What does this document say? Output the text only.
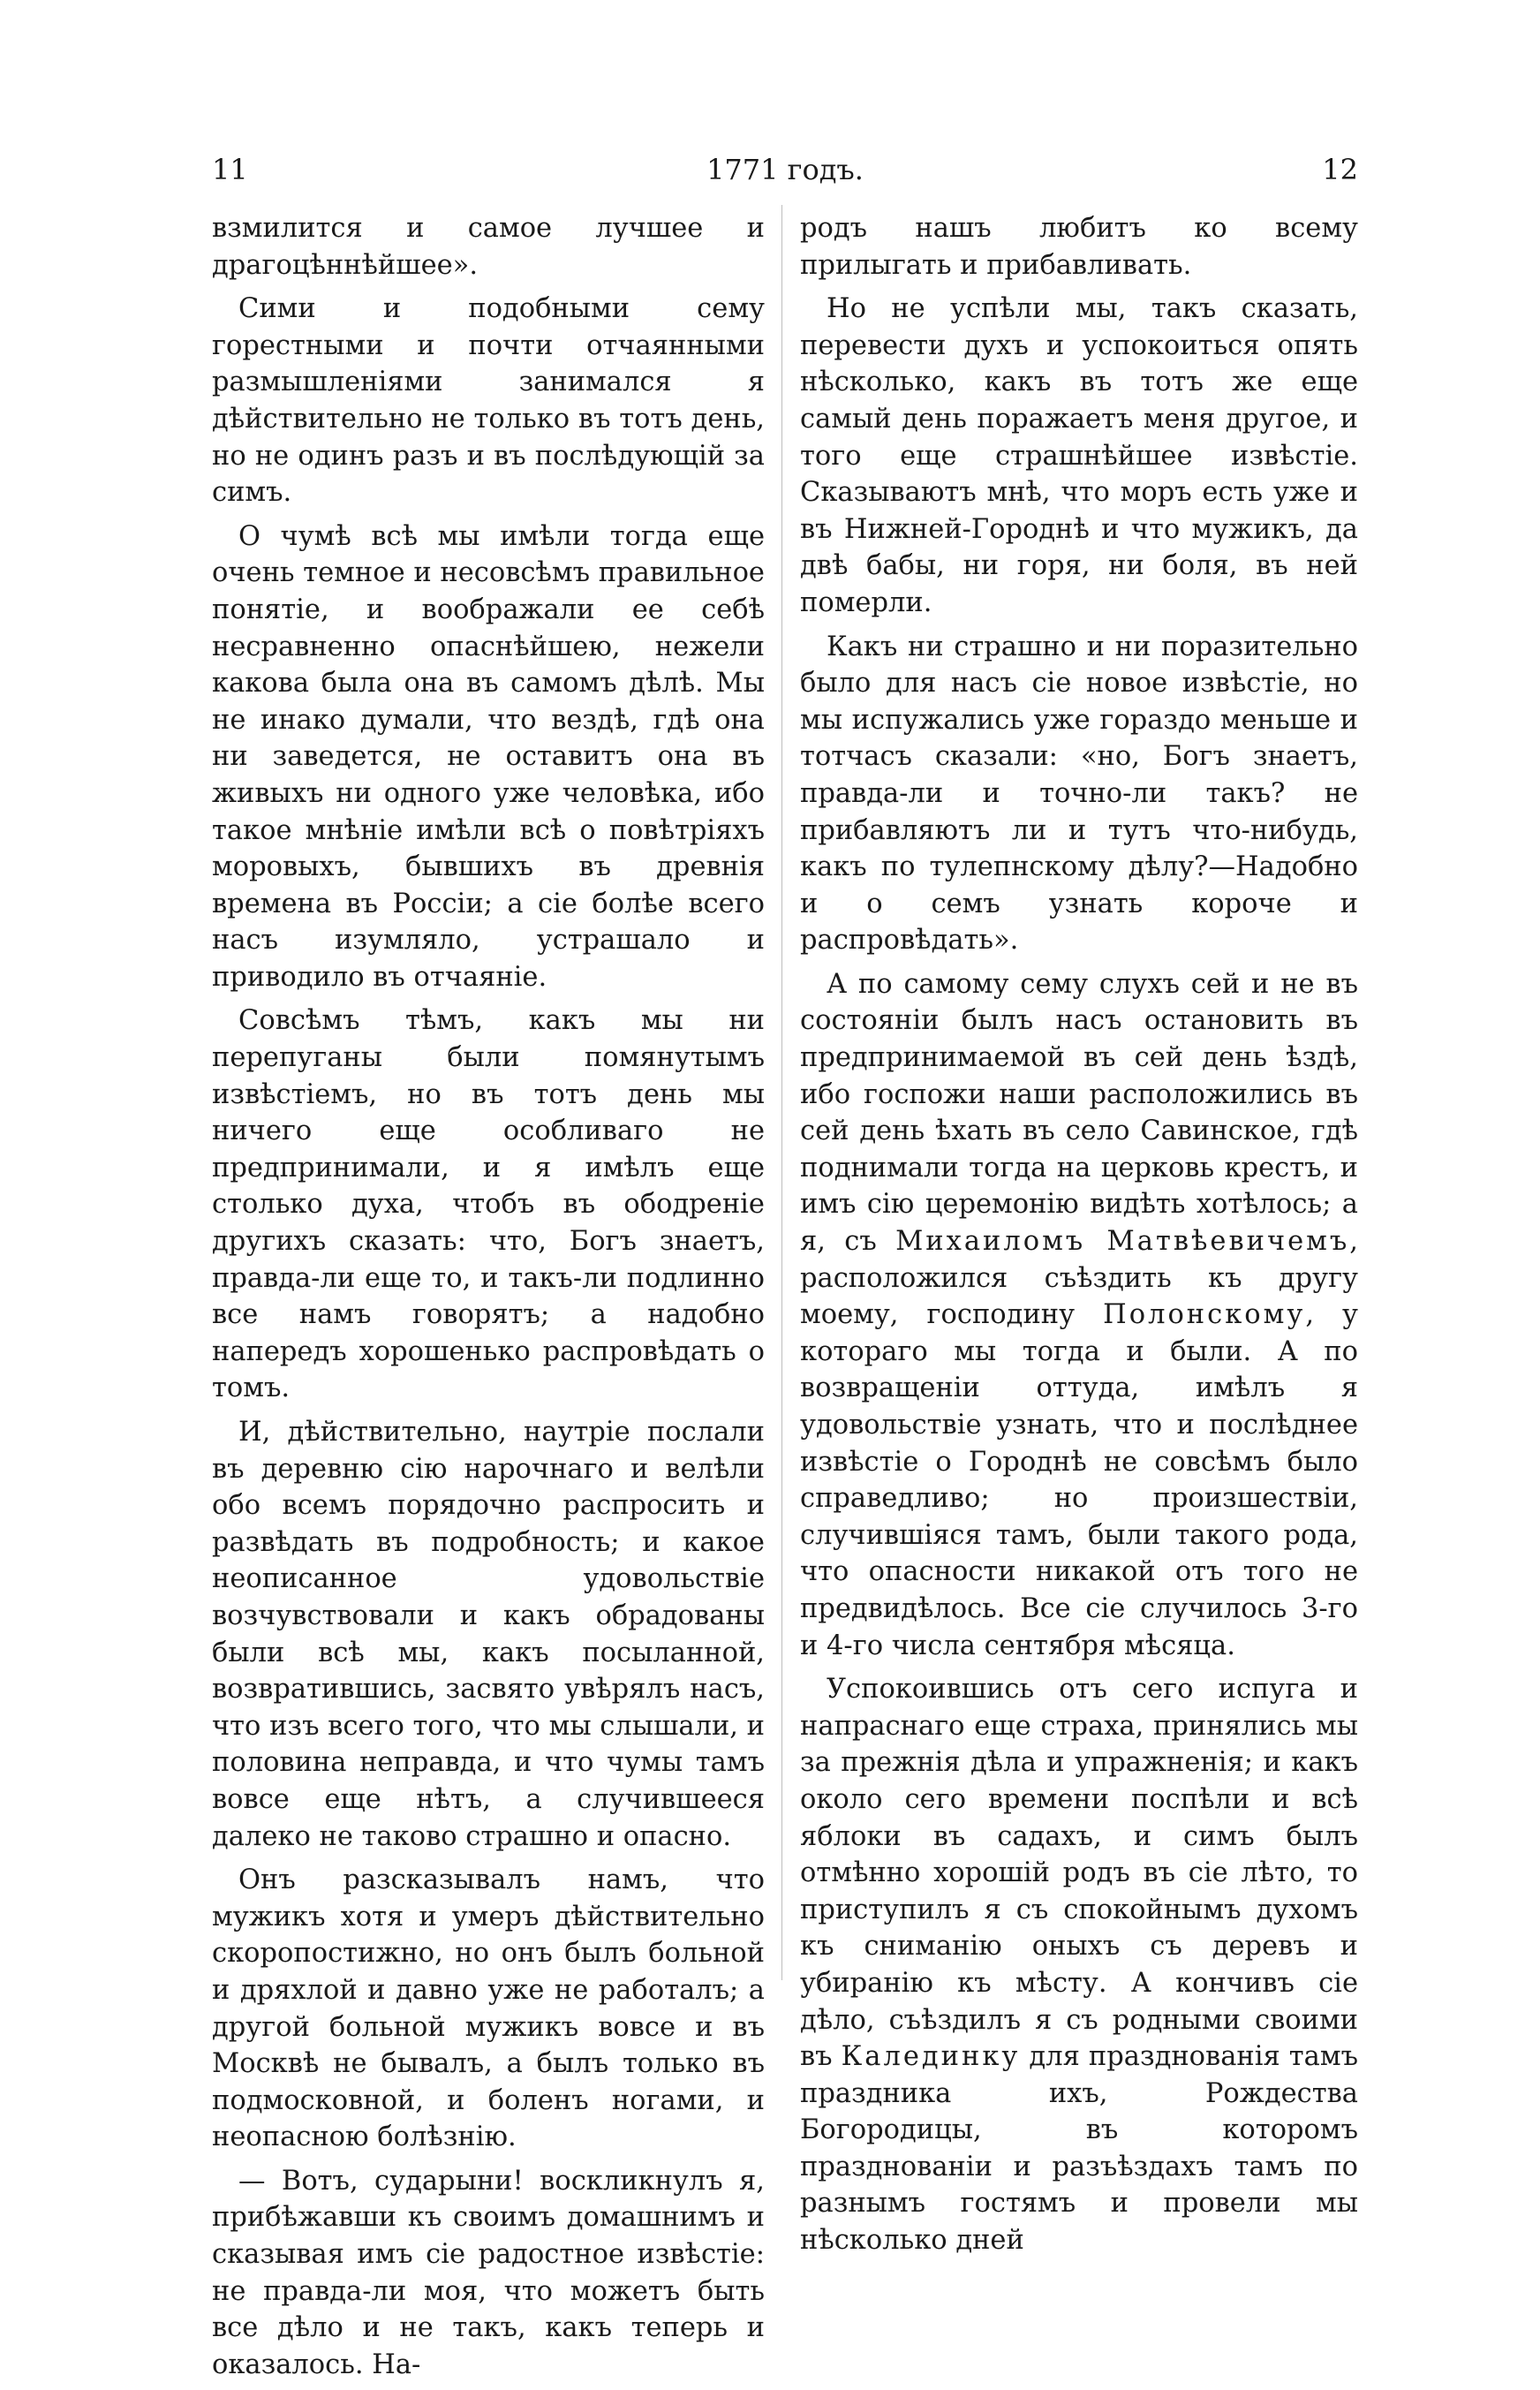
11	1771 годъ.	12

взмилится и самое лучшее и драгоцѣннѣйшее».

Сими и подобными сему горестными и почти отчаянными размышленіями занимался я дѣйствительно не только въ тотъ день, но не одинъ разъ и въ послѣдующій за симъ.

О чумѣ всѣ мы имѣли тогда еще очень темное и несовсѣмъ правильное понятіе, и воображали ее себѣ несравненно опаснѣйшею, нежели какова была она въ самомъ дѣлѣ. Мы не инако думали, что вездѣ, гдѣ она ни заведется, не оставитъ она въ живыхъ ни одного уже человѣка, ибо такое мнѣніе имѣли всѣ о повѣтріяхъ моровыхъ, бывшихъ въ древнія времена въ Россіи; а сіе болѣе всего насъ изумляло, устрашало и приводило въ отчаяніе.

Совсѣмъ тѣмъ, какъ мы ни перепуганы были помянутымъ извѣстіемъ, но въ тотъ день мы ничего еще особливаго не предпринимали, и я имѣлъ еще столько духа, чтобъ въ ободреніе другихъ сказать: что, Богъ знаетъ, правда-ли еще то, и такъ-ли подлинно все намъ говорятъ; а надобно напередъ хорошенько распровѣдать о томъ.

И, дѣйствительно, наутріе послали въ деревню сію нарочнаго и велѣли обо всемъ порядочно распросить и развѣдать въ подробность; и какое неописанное удовольствіе возчувствовали и какъ обрадованы были всѣ мы, какъ посыланной, возвратившись, засвято увѣрялъ насъ, что изъ всего того, что мы слышали, и половина неправда, и что чумы тамъ вовсе еще нѣтъ, а случившееся далеко не таково страшно и опасно.

Онъ разсказывалъ намъ, что мужикъ хотя и умеръ дѣйствительно скоропостижно, но онъ былъ больной и дряхлой и давно уже не работалъ; а другой больной мужикъ вовсе и въ Москвѣ не бывалъ, а былъ только въ подмосковной, и боленъ ногами, и неопасною болѣзнію.

— Вотъ, сударыни! воскликнулъ я, прибѣжавши къ своимъ домашнимъ и сказывая имъ сіе радостное извѣстіе: не правда-ли моя, что можетъ быть все дѣло и не такъ, какъ теперь и оказалось. На-

родъ нашъ любитъ ко всему прилыгать и прибавливать.

Но не успѣли мы, такъ сказать, перевести духъ и успокоиться опять нѣсколько, какъ въ тотъ же еще самый день поражаетъ меня другое, и того еще страшнѣйшее извѣстіе. Сказываютъ мнѣ, что моръ есть уже и въ Нижней-Городнѣ и что мужикъ, да двѣ бабы, ни горя, ни боля, въ ней померли.

Какъ ни страшно и ни поразительно было для насъ сіе новое извѣстіе, но мы испужались уже гораздо меньше и тотчасъ сказали: «но, Богъ знаетъ, правда-ли и точно-ли такъ? не прибавляютъ ли и тутъ что-нибудь, какъ по тулепнскому дѣлу?—Надобно и о семъ узнать короче и распровѣдать».

А по самому сему слухъ сей и не въ состояніи былъ насъ остановить въ предпринимаемой въ сей день ѣздѣ, ибо госпожи наши расположились въ сей день ѣхать въ село Савинское, гдѣ поднимали тогда на церковь крестъ, и имъ сію церемонію видѣть хотѣлось; а я, съ Михаиломъ Матвѣевичемъ, расположился съѣздить къ другу моему, господину Полонскому, у котораго мы тогда и были. А по возвращеніи оттуда, имѣлъ я удовольствіе узнать, что и послѣднее извѣстіе о Городнѣ не совсѣмъ было справедливо; но произшествіи, случившіяся тамъ, были такого рода, что опасности никакой отъ того не предвидѣлось. Все сіе случилось 3-го и 4-го числа сентября мѣсяца.

Успокоившись отъ сего испуга и напраснаго еще страха, принялись мы за прежнія дѣла и упражненія; и какъ около сего времени поспѣли и всѣ яблоки въ садахъ, и симъ былъ отмѣнно хорошій родъ въ сіе лѣто, то приступилъ я съ спокойнымъ духомъ къ сниманію оныхъ съ деревъ и убиранію къ мѣсту. А кончивъ сіе дѣло, съѣздилъ я съ родными своими въ Калединку для празднованія тамъ праздника ихъ, Рождества Богородицы, въ которомъ празднованіи и разъѣздахъ тамъ по разнымъ гостямъ и провели мы нѣсколько дней
